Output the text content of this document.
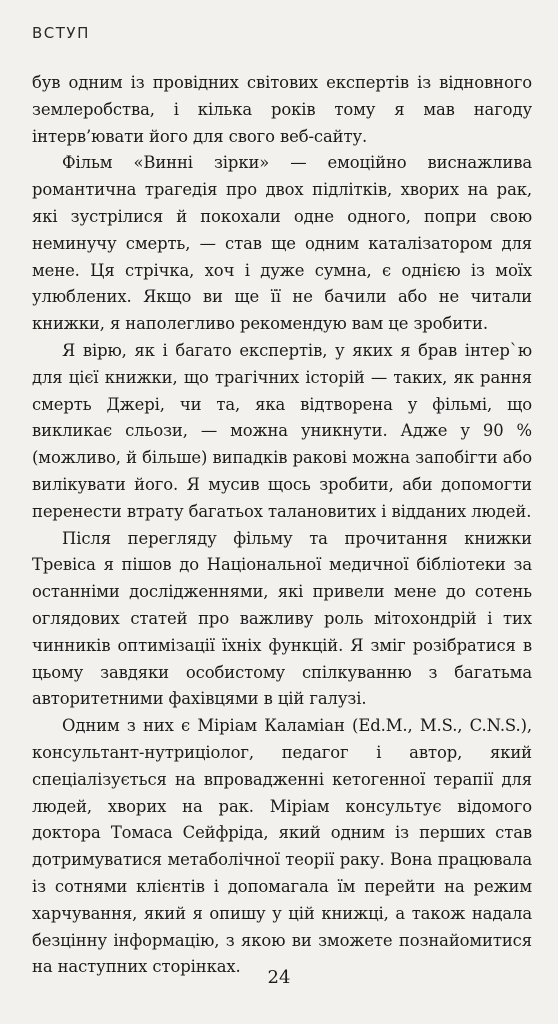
ВСТУП

був одним із провідних світових експертів із відновного землеробства, і кілька років тому я мав нагоду інтерв’ювати його для свого веб-сайту.

Фільм «Винні зірки» — емоційно виснажлива романтична трагедія про двох підлітків, хворих на рак, які зустрілися й покохали одне одного, попри свою неминучу смерть, — став ще одним каталізатором для мене. Ця стрічка, хоч і дуже сумна, є однією із моїх улюблених. Якщо ви ще її не бачили або не читали книжки, я наполегливо рекомендую вам це зробити.

Я вірю, як і багато експертів, у яких я брав інтер`ю для цієї книжки, що трагічних історій — таких, як рання смерть Джері, чи та, яка відтворена у фільмі, що викликає сльози, — можна уникнути. Адже у 90 % (можливо, й більше) випадків ракові можна запобігти або вилікувати його. Я мусив щось зробити, аби допомогти перенести втрату багатьох талановитих і відданих людей.

Після перегляду фільму та прочитання книжки Тревіса я пішов до Національної медичної бібліотеки за останніми дослідженнями, які привели мене до сотень оглядових статей про важливу роль мітохондрій і тих чинників оптимізації їхніх функцій. Я зміг розібратися в цьому завдяки особистому спілкуванню з багатьма авторитетними фахівцями в цій галузі.

Одним з них є Міріам Каламіан (Ed.M., M.S., C.N.S.), консультант-нутриціолог, педагог і автор, який спеціалізується на впровадженні кетогенної терапії для людей, хворих на рак. Міріам консультує відомого доктора Томаса Сейфріда, який одним із перших став дотримуватися метаболічної теорії раку. Вона працювала із сотнями клієнтів і допомагала їм перейти на режим харчування, який я опишу у цій книжці, а також надала безцінну інформацію, з якою ви зможете познайомитися на наступних сторінках.

24
